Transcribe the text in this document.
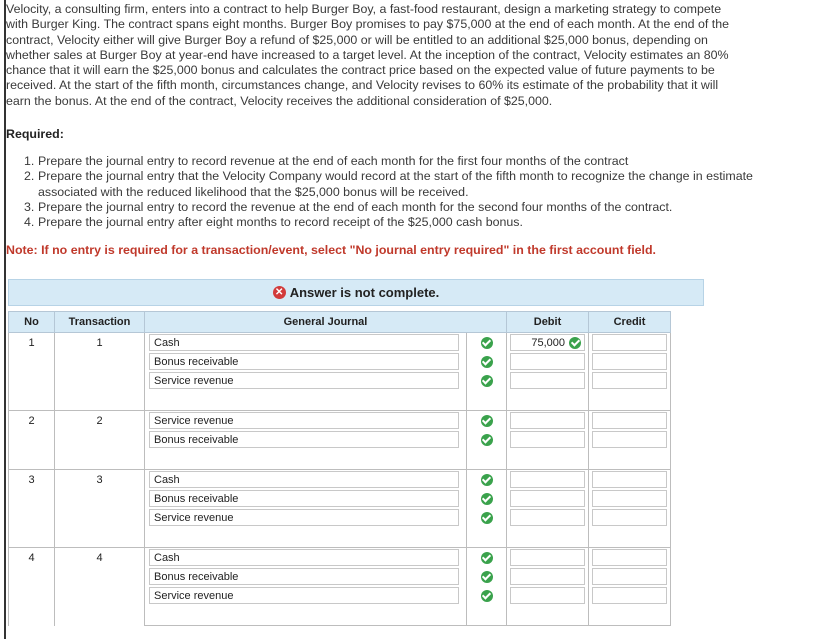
Velocity, a consulting firm, enters into a contract to help Burger Boy, a fast-food restaurant, design a marketing strategy to compete
with Burger King. The contract spans eight months. Burger Boy promises to pay $75,000 at the end of each month. At the end of the
contract, Velocity either will give Burger Boy a refund of $25,000 or will be entitled to an additional $25,000 bonus, depending on
whether sales at Burger Boy at year-end have increased to a target level. At the inception of the contract, Velocity estimates an 80%
chance that it will earn the $25,000 bonus and calculates the contract price based on the expected value of future payments to be
received. At the start of the fifth month, circumstances change, and Velocity revises to 60% its estimate of the probability that it will
earn the bonus. At the end of the contract, Velocity receives the additional consideration of $25,000.
Required:
1. Prepare the journal entry to record revenue at the end of each month for the first four months of the contract
2. Prepare the journal entry that the Velocity Company would record at the start of the fifth month to recognize the change in estimate associated with the reduced likelihood that the $25,000 bonus will be received.
3. Prepare the journal entry to record the revenue at the end of each month for the second four months of the contract.
4. Prepare the journal entry after eight months to record receipt of the $25,000 cash bonus.
Note: If no entry is required for a transaction/event, select "No journal entry required" in the first account field.
✕ Answer is not complete.
No	Transaction	General Journal		Debit	Credit
1	1	Cash		75,000	

Bonus receivable			

Service revenue			

2	2	Service revenue			

Bonus receivable			

3	3	Cash			

Bonus receivable			

Service revenue			

4	4	Cash			

Bonus receivable			

Service revenue			
